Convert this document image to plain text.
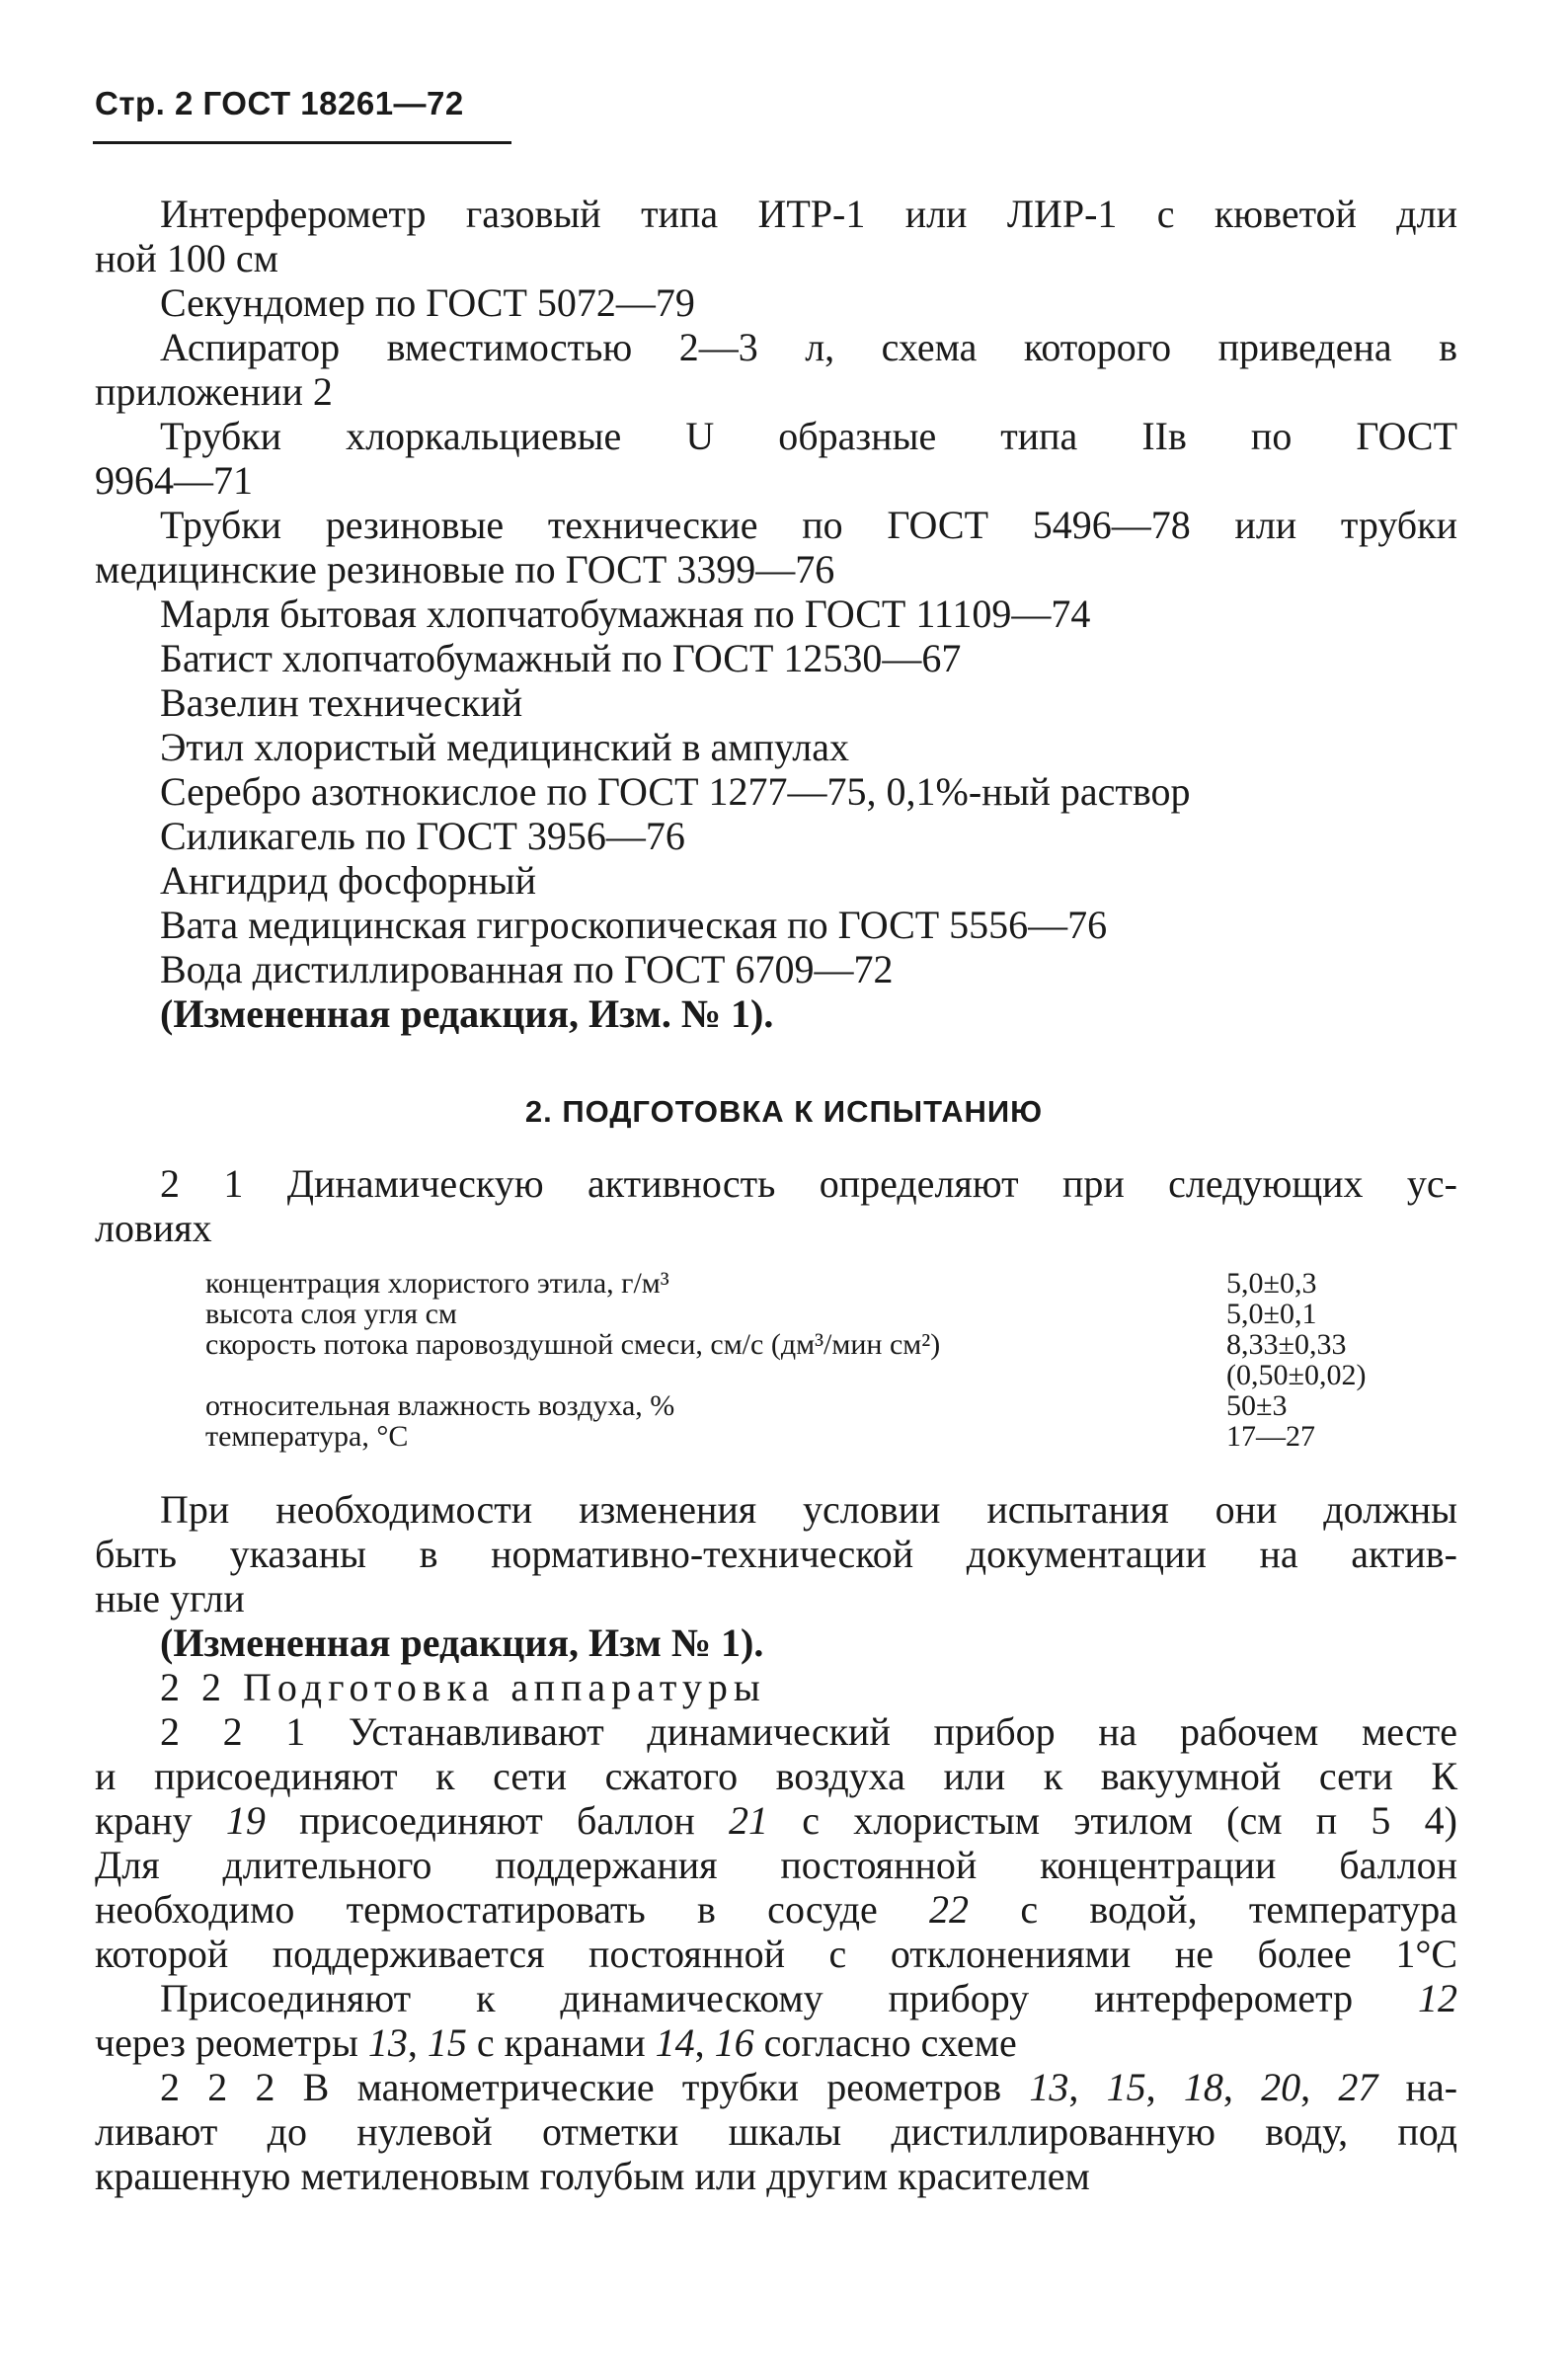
Стр. 2 ГОСТ 18261—72

Интерферометр газовый типа ИТР-1 или ЛИР-1 с кюветой дли

ной 100 см

Секундомер по ГОСТ 5072—79

Аспиратор вместимостью 2—3 л, схема которого приведена в

приложении 2

Трубки хлоркальциевые U образные типа IIв по ГОСТ

9964—71

Трубки резиновые технические по ГОСТ 5496—78 или трубки

медицинские резиновые по ГОСТ 3399—76

Марля бытовая хлопчатобумажная по ГОСТ 11109—74

Батист хлопчатобумажный по ГОСТ 12530—67

Вазелин технический

Этил хлористый медицинский в ампулах

Серебро азотнокислое по ГОСТ 1277—75, 0,1%-ный раствор

Силикагель по ГОСТ 3956—76

Ангидрид фосфорный

Вата медицинская гигроскопическая по ГОСТ 5556—76

Вода дистиллированная по ГОСТ 6709—72

(Измененная редакция, Изм. № 1).

2. ПОДГОТОВКА К ИСПЫТАНИЮ

2 1 Динамическую активность определяют при следующих ус-

ловиях

концентрация хлористого этила, г/м³	5,0±0,3
высота слоя угля см	5,0±0,1
скорость потока паровоздушной смеси, см/с (дм³/мин см²)	8,33±0,33
(0,50±0,02)
относительная влажность воздуха, %	50±3
температура, °С	17—27

При необходимости изменения условии испытания они должны

быть указаны в нормативно-технической документации на актив-

ные угли

(Измененная редакция, Изм № 1).

2 2 Подготовка аппаратуры

2 2 1 Устанавливают динамический прибор на рабочем месте

и присоединяют к сети сжатого воздуха или к вакуумной сети К

крану 19 присоединяют баллон 21 с хлористым этилом (см п 5 4)

Для длительного поддержания постоянной концентрации баллон

необходимо термостатировать в сосуде 22 с водой, температура

которой поддерживается постоянной с отклонениями не более 1°С

Присоединяют к динамическому прибору интерферометр 12

через реометры 13, 15 с кранами 14, 16 согласно схеме

2 2 2 В манометрические трубки реометров 13, 15, 18, 20, 27 на-

ливают до нулевой отметки шкалы дистиллированную воду, под

крашенную метиленовым голубым или другим красителем
